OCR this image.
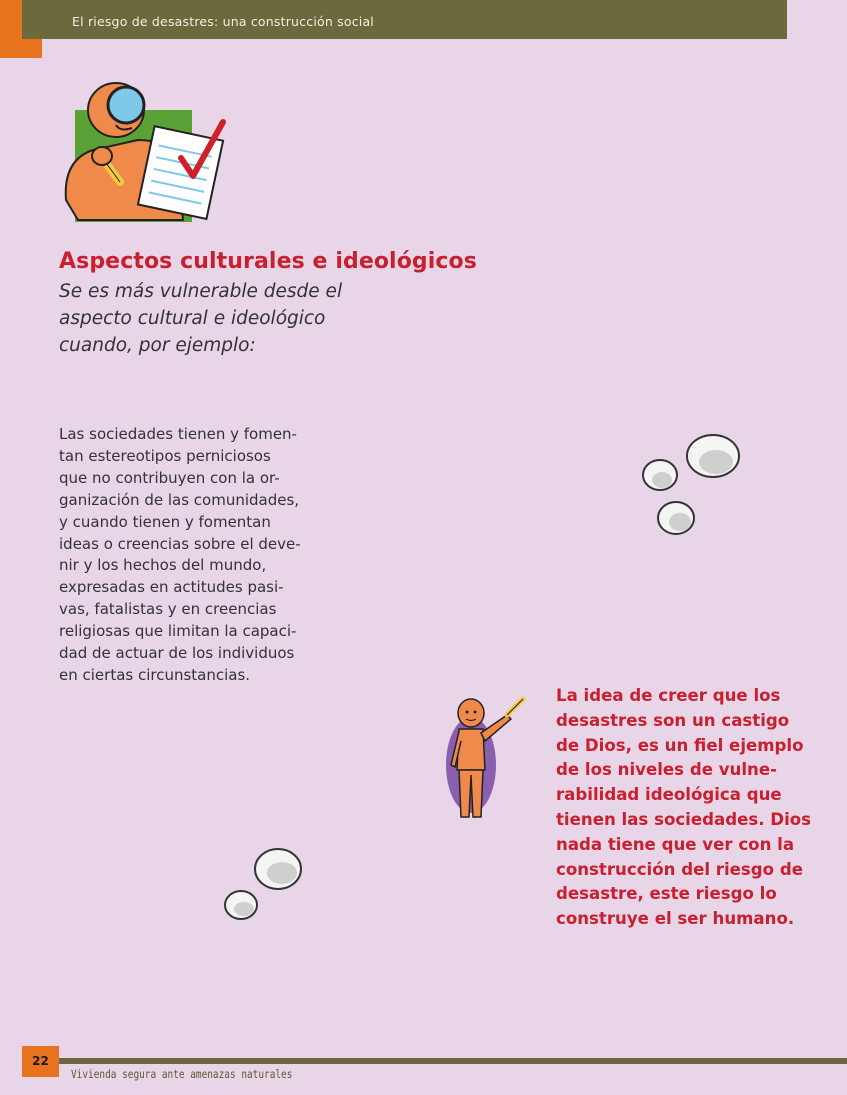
El riesgo de desastres: una construcción social
Aspectos culturales e ideológicos
Se es más vulnerable desde el
aspecto cultural e ideológico
cuando, por ejemplo:
Las sociedades tienen y fomen-
tan estereotipos perniciosos
que no contribuyen con la or-
ganización de las comunidades,
y cuando tienen y fomentan
ideas o creencias sobre el deve-
nir y los hechos del mundo,
expresadas en actitudes pasi-
vas, fatalistas y en creencias
religiosas que limitan la capaci-
dad de actuar de los individuos
en ciertas circunstancias.
La idea de creer que los
desastres son un castigo
de Dios, es un fiel ejemplo
de los niveles de vulne-
rabilidad ideológica que
tienen las sociedades. Dios
nada tiene que ver con la
construcción del riesgo de
desastre, este riesgo lo
construye el ser humano.
22
Vivienda segura ante amenazas naturales
